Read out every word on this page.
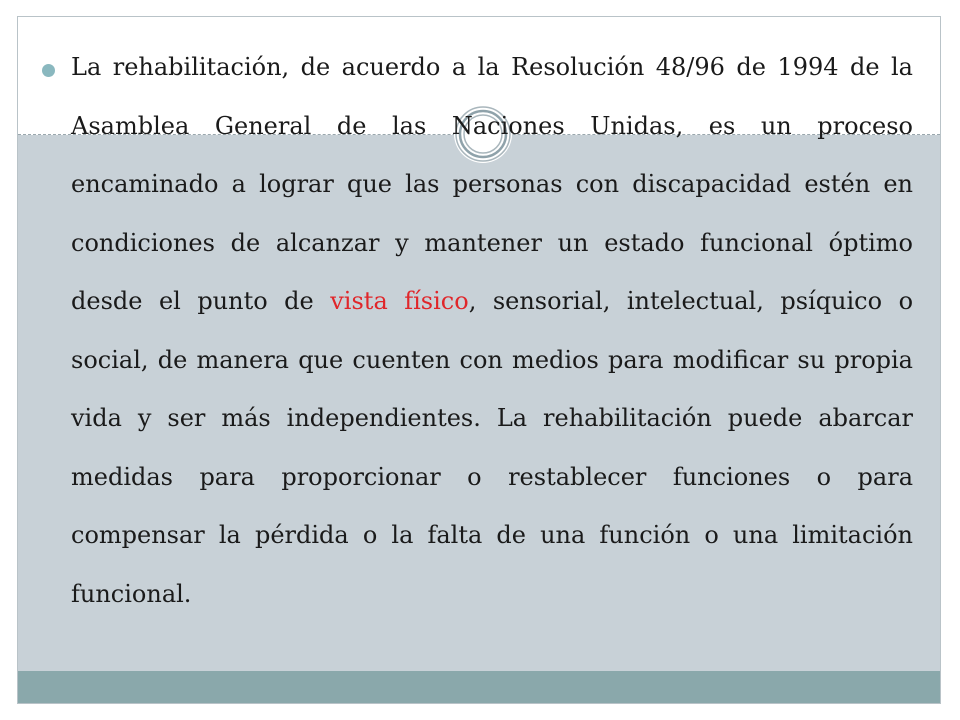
La rehabilitación, de acuerdo a la Resolución 48/96 de 1994 de la Asamblea General de las Naciones Unidas, es un proceso encaminado a lograr que las personas con discapacidad estén en condiciones de alcanzar y mantener un estado funcional óptimo desde el punto de vista físico, sensorial, intelectual, psíquico o social, de manera que cuenten con medios para modificar su propia vida y ser más independientes. La rehabilitación puede abarcar medidas para proporcionar o restablecer funciones o para compensar la pérdida o la falta de una función o una limitación funcional.
